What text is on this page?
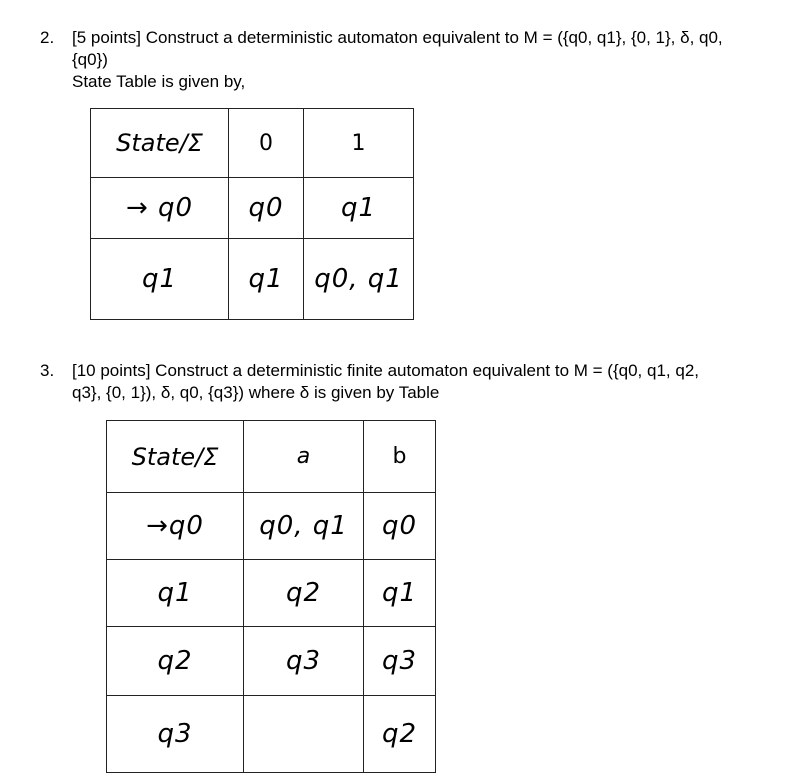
2. [5 points] Construct a deterministic automaton equivalent to M = ({q0, q1}, {0, 1}, δ, q0,
{q0})
State Table is given by,
State/Σ	0	1
→ q0	q0	q1
q1	q1	q0, q1
3. [10 points] Construct a deterministic finite automaton equivalent to M = ({q0, q1, q2,
q3}, {0, 1}), δ, q0, {q3}) where δ is given by Table
State/Σ	a	b
→q0	q0, q1	q0
q1	q2	q1
q2	q3	q3
q3		q2
